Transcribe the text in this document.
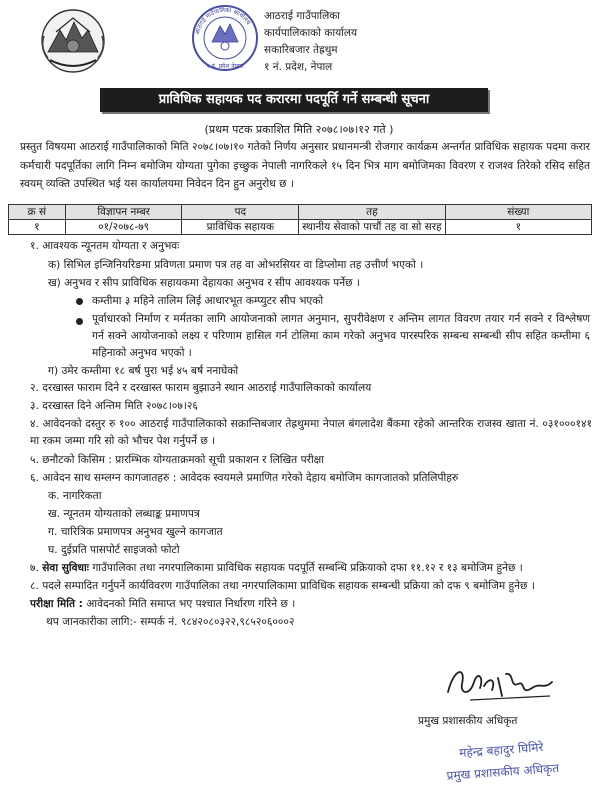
आठराई गाउँपालिका कार्यालय
१ नं. प्रदेश नेपाल
आठराई गाउँपालिका
कार्यपालिकाको कार्यालय
सकारिबजार तेह्रथुम
१ नं. प्रदेश, नेपाल
प्राविधिक सहायक पद करारमा पदपूर्ति गर्ने सम्बन्धी सूचना
(प्रथम पटक प्रकाशित मिति २०७८।०७।१२ गते )
प्रस्तुत विषयमा आठराई गाउँपालिकाको मिति २०७८।०७।१० गतेको निर्णय अनुसार प्रधानमन्त्री रोजगार कार्यक्रम अन्तर्गत प्राविधिक सहायक पदमा करार कर्मचारी पदपूर्तिका लागि निम्न बमोजिम योग्यता पुगेका इच्छुक नेपाली नागरिकले १५ दिन भित्र माग बमोजिमका विवरण र राजश्व तिरेको रसिद सहित स्वयम् व्यक्ति उपस्थित भई यस कार्यालयमा निवेदन दिन हुन अनुरोध छ ।
क्र सं	विज्ञापन नम्बर	पद	तह	संख्या
१	०१/२०७८-७९	प्राविधिक सहायक	स्थानीय सेवाको पाचौं तह वा सो सरह	१
१. आवश्यक न्यूनतम योग्यता र अनुभवः
क) सिभिल इन्जिनियरिङमा प्रविणता प्रमाण पत्र तह वा ओभरसियर वा डिप्लोमा तह उत्तीर्ण भएको ।
ख) अनुभव र सीप प्राविधिक सहायकमा देहायका अनुभव र सीप आवश्यक पर्नेछ ।
कम्तीमा ३ महिने तालिम लिई आधारभूत कम्प्युटर सीप भएको
पूर्वाधारको निर्माण र मर्मतका लागि आयोजनाको लागत अनुमान, सुपरीवेक्षण र अन्तिम लागत विवरण तयार गर्न सक्ने र विश्लेषण गर्न सक्ने आयोजनाको लक्ष्य र परिणाम हासिल गर्न टोलिमा काम गरेको अनुभव पारस्परिक सम्बन्ध सम्बन्धी सीप सहित कम्तीमा ६ महिनाको अनुभव भएको ।
ग) उमेर कम्तीमा १८ बर्ष पुरा भई ४५ बर्ष ननाघेको
२. दरखास्त फाराम दिने र दरखास्त फाराम बुझाउने स्थान आठराई गाउँपालिकाको कार्यालय
३. दरखास्त दिने अन्तिम मिति २०७८।०७।२६
४. आवेदनको दस्तुर रु १०० आठराई गाउँपालिकाको सक्रान्तिबजार तेह्रथुममा नेपाल बंगलादेश बैंकमा रहेको आन्तरिक राजस्व खाता नं. ०३१०००१४१ मा रकम जम्मा गरि सो को भौचर पेश गर्नुपर्ने छ ।
५. छनौटको किसिम : प्रारम्भिक योग्यताक्रमको सूची प्रकाशन र लिखित परीक्षा
६. आवेदन साथ सम्लग्न कागजातहरु : आवेदक स्वयमले प्रमाणित गरेको देहाय बमोजिम कागजातको प्रतिलिपीहरु
क. नागरिकता
ख. न्यूनतम योग्यताको लब्धाङ्क प्रमाणपत्र
ग. चारित्रिक प्रमाणपत्र अनुभव खुल्ने कागजात
घ. दुईप्रति पासपोर्ट साइजको फोटो
७. सेवा सुविधाः गाउँपालिका तथा नगरपालिकामा प्राविधिक सहायक पदपूर्ति सम्बन्धि प्रक्रियाको दफा ११.१२ र १३ बमोजिम हुनेछ ।
८. पदले सम्पादित गर्नुपर्ने कार्यविवरण गाउँपालिका तथा नगरपालिकामा प्राविधिक सहायक सम्बन्धी प्रक्रिया को दफ ९ बमोजिम हुनेछ ।
परीक्षा मिति : आवेदनको मिति समाप्त भए पश्चात निर्धारण गरिने छ ।
थप जानकारीका लागि:- सम्पर्क नं. ९८४२०८०३२२,९८५२०६०००२
प्रमुख प्रशासकीय अधिकृत
महेन्द्र बहादुर घिमिरे
प्रमुख प्रशासकीय अधिकृत
